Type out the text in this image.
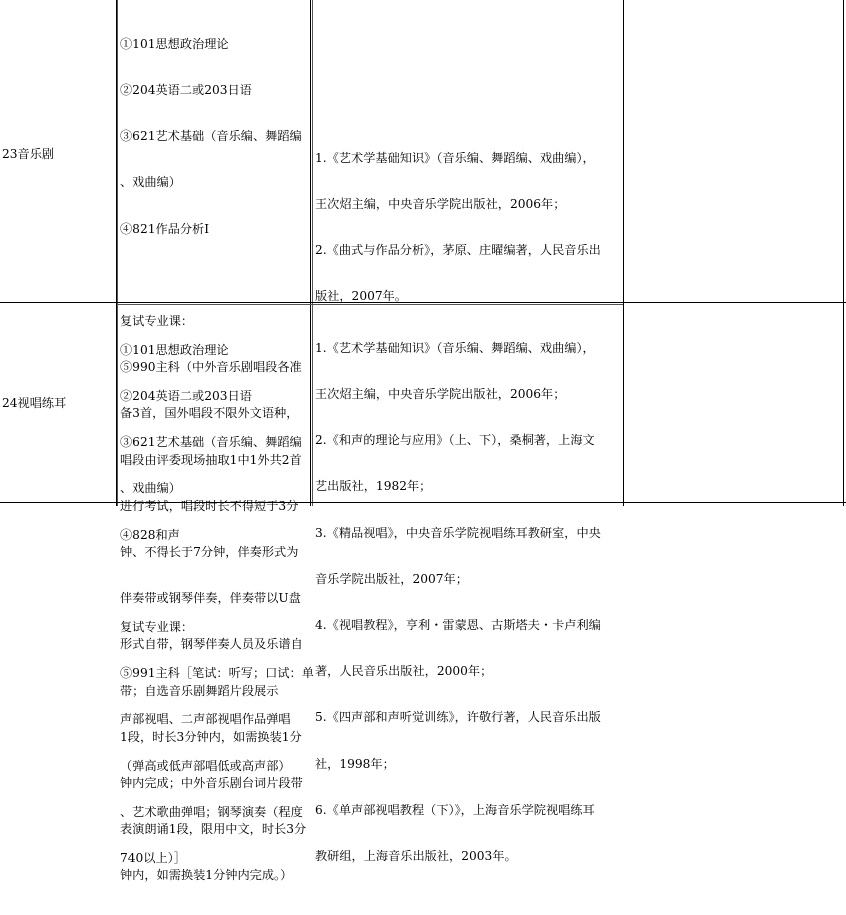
23音乐剧

①101思想政治理论

②204英语二或203日语

③621艺术基础（音乐编、舞蹈编

、戏曲编）

④821作品分析Ⅰ

复试专业课：

⑤990主科（中外音乐剧唱段各准

备3首，国外唱段不限外文语种，

唱段由评委现场抽取1中1外共2首

进行考试，唱段时长不得短于3分

钟、不得长于7分钟，伴奏形式为

伴奏带或钢琴伴奏，伴奏带以U盘

形式自带，钢琴伴奏人员及乐谱自

带；自选音乐剧舞蹈片段展示

1段，时长3分钟内，如需换装1分

钟内完成；中外音乐剧台词片段带

表演朗诵1段，限用中文，时长3分

钟内，如需换装1分钟内完成。）

1.《艺术学基础知识》（音乐编、舞蹈编、戏曲编），

王次炤主编，中央音乐学院出版社，2006年；

2.《曲式与作品分析》，茅原、庄曜编著，人民音乐出

版社，2007年。

24视唱练耳

①101思想政治理论

②204英语二或203日语

③621艺术基础（音乐编、舞蹈编

、戏曲编）

④828和声

复试专业课：

⑤991主科［笔试：听写；口试：单

声部视唱、二声部视唱作品弹唱

（弹高或低声部唱低或高声部）

、艺术歌曲弹唱；钢琴演奏（程度

740以上）］

1.《艺术学基础知识》（音乐编、舞蹈编、戏曲编），

王次炤主编，中央音乐学院出版社，2006年；

2.《和声的理论与应用》（上、下），桑桐著，上海文

艺出版社，1982年；

3.《精品视唱》，中央音乐学院视唱练耳教研室，中央

音乐学院出版社，2007年；

4.《视唱教程》，亨利・雷蒙恩、古斯塔夫・卡卢利编

著，人民音乐出版社，2000年；

5.《四声部和声听觉训练》，许敬行著，人民音乐出版

社，1998年；

6.《单声部视唱教程（下）》，上海音乐学院视唱练耳

教研组，上海音乐出版社，2003年。
